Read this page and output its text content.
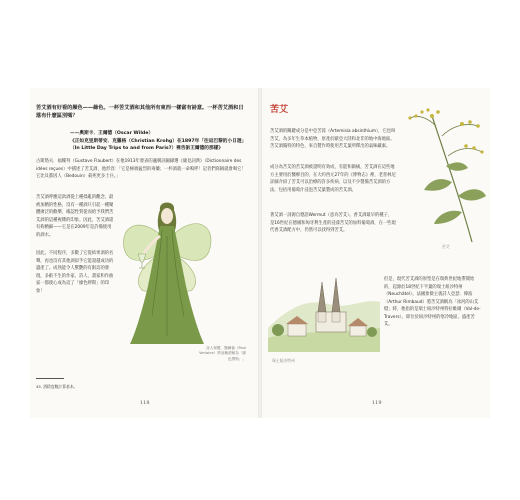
苦艾酒有好看的顏色——綠色。一杯苦艾酒和其他所有東西一樣富有詩意。一杯苦艾酒和日落有什麼區別嗎？
——奧斯卡．王爾德（Oscar Wilde）
《正如克里斯蒂安．克羅格（Christian Krohg）在1897年「往返巴黎的小日遊」（In Little Day Trips to and from Paris?）裡告訴王爾德的那樣》
古斯塔夫．福樓拜（Gustave Flaubert）在他1913年發表的諷刺詞錦錄選《庸見詞典》（Dictionnaire des idées reçues）中描述了苦艾酒，他形容：「它是極端猛烈的毒藥；一杯酒就一命嗚呼！記者們寫稿就會喝它！它比貝都因人（Bedouin）殺死更多士兵。」
苦艾酒呼應這款酒從上種揉亂的觀念，最被加精的性格，沒有一種酒只引起一種聚體廣泛的歡樂，確認性質從而給予我們苦艾酒的這種複雜的印象。因此，苦艾酒還有夠精細——它是在2009年是許備使用的酒水。
因此，不同程序，多數了它從結果酒的名聲，再也沒有其他酒似乎它能超越成功的遺產了。成熟能令人驚艷的有限這的發現，多虧不生的作家、詩人、畫家和作曲家一都使心成為這了「綠色繆斯」的印象！
詩人保羅．魏爾倫（Paul Verlaine）將這種酒稱為「綠色繆斯」。
45. 酒精度數計算基本。
118
苦艾
苦艾酒的關鍵成分是中亞苦蒿（Artemisia absinthium），它也叫苦艾，為多年生草本植物，原產於歐亞大陸和北非的地中海地區。苦艾酒獨特的特色，來自製作時使用苦艾葉所釋出的氣味藏素。
成分為苦艾的苦艾酒被證明有效成，有能和鎮痛，苦艾酒在這些地方主要用於醫療目的，在大約西元27年的《博物志》裡，老普林尼詳細介紹了苦艾可以治療的許多疾病，以及不少製備苦艾酒的方法，包括用葡萄汁浸泡苦艾葉製成的苦艾酒。
著艾酒一詞源自德語Wermut（意為苦艾）。香艾酒最早的種子，是16世紀在德國和匈牙利生產的浸漆苦艾的加料葡萄酒，在一些現代香艾酒配方中，仍然可以找得到苦艾。
但是，現代苦艾酒的原型是在瑞典世紀地帶開始的，起源於18世紀下半葉的瑞士紐沙特州（Neuchâtel）。法國象徵主義詩人亞瑟．韓波（Arthur Rimbaud）將苦艾酒稱為「冰河的山艾燈」時，他指的是瑞士紐沙特州特拉維爾（Val-de-Travers），即位於紐沙特州的寒冷地區，盛產苦艾。
苦艾
瑞士紐沙特州
119
